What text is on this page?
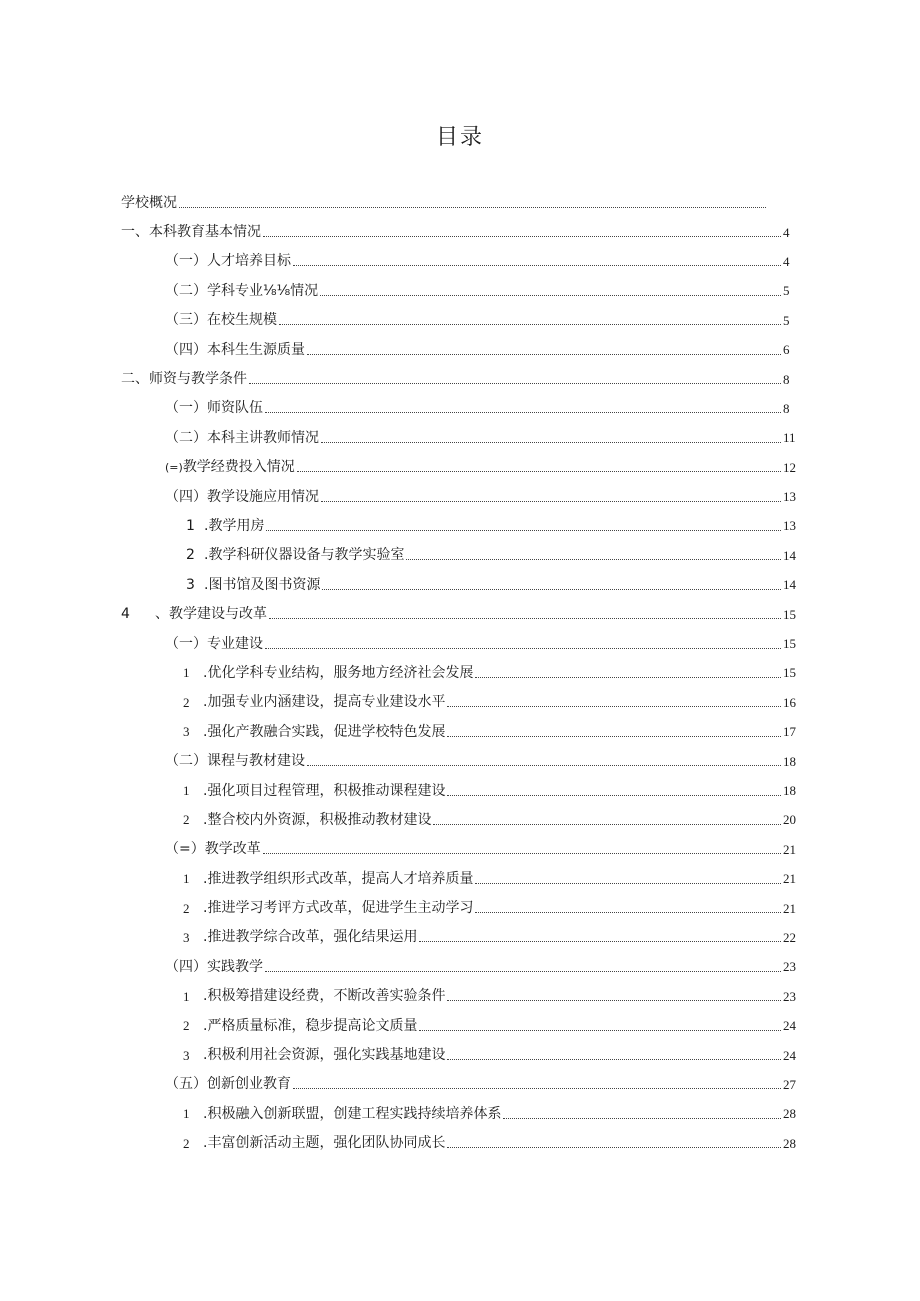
目录
学校概况
一、 本科教育基本情况	4
（一） 人才培养目标	4
（二） 学科专业⅛⅛情况	5
（三） 在校生规模	5
（四） 本科生生源质量	6
二、 师资与教学条件	8
（一） 师资队伍	8
（二） 本科主讲教师情况	11
(=) 教学经费投入情况	12
（四） 教学设施应用情况	13
1 .教学用房	13
2 .教学科研仪器设备与教学实验室	14
3 .图书馆及图书资源	14
4	、教学建设与改革	15
（一） 专业建设	15
1 .优化学科专业结构，服务地方经济社会发展	15
2 .加强专业内涵建设，提高专业建设水平	16
3 .强化产教融合实践，促进学校特色发展	17
（二） 课程与教材建设	18
1 .强化项目过程管理，积极推动课程建设	18
2 .整合校内外资源，积极推动教材建设	20
（=） 教学改革	21
1 .推进教学组织形式改革，提高人才培养质量	21
2 .推进学习考评方式改革，促进学生主动学习	21
3 .推进教学综合改革，强化结果运用	22
（四） 实践教学	23
1 .积极筹措建设经费，不断改善实验条件	23
2 .严格质量标准，稳步提高论文质量	24
3 .积极利用社会资源，强化实践基地建设	24
（五） 创新创业教育	27
1 .积极融入创新联盟，创建工程实践持续培养体系	28
2 .丰富创新活动主题，强化团队协同成长	28
